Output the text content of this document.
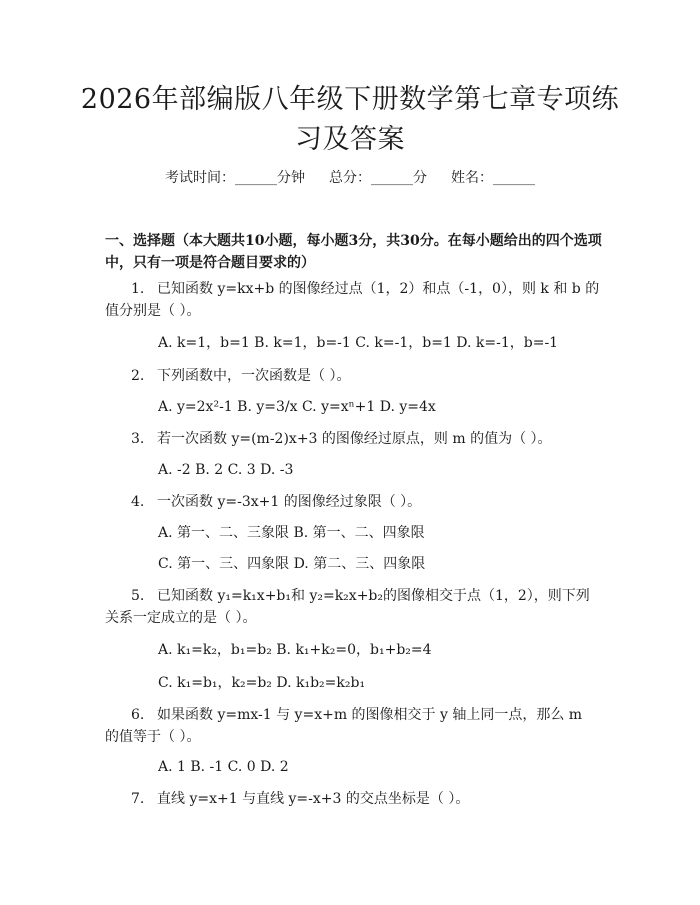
2026年部编版八年级下册数学第七章专项练习及答案
考试时间：______分钟 总分：______分 姓名：______
一、选择题（本大题共10小题，每小题3分，共30分。在每小题给出的四个选项中，只有一项是符合题目要求的）
1. 已知函数 y=kx+b 的图像经过点（1，2）和点（-1，0），则 k 和 b 的值分别是（ ）。
A. k=1，b=1 B. k=1，b=-1 C. k=-1，b=1 D. k=-1，b=-1
2. 下列函数中，一次函数是（ ）。
A. y=2x²-1 B. y=3/x C. y=xⁿ+1 D. y=4x
3. 若一次函数 y=(m-2)x+3 的图像经过原点，则 m 的值为（ ）。
A. -2 B. 2 C. 3 D. -3
4. 一次函数 y=-3x+1 的图像经过象限（ ）。
A. 第一、二、三象限 B. 第一、二、四象限
C. 第一、三、四象限 D. 第二、三、四象限
5. 已知函数 y₁=k₁x+b₁和 y₂=k₂x+b₂的图像相交于点（1，2），则下列关系一定成立的是（ ）。
A. k₁=k₂，b₁=b₂ B. k₁+k₂=0，b₁+b₂=4
C. k₁=b₁，k₂=b₂ D. k₁b₂=k₂b₁
6. 如果函数 y=mx-1 与 y=x+m 的图像相交于 y 轴上同一点，那么 m 的值等于（ ）。
A. 1 B. -1 C. 0 D. 2
7. 直线 y=x+1 与直线 y=-x+3 的交点坐标是（ ）。
